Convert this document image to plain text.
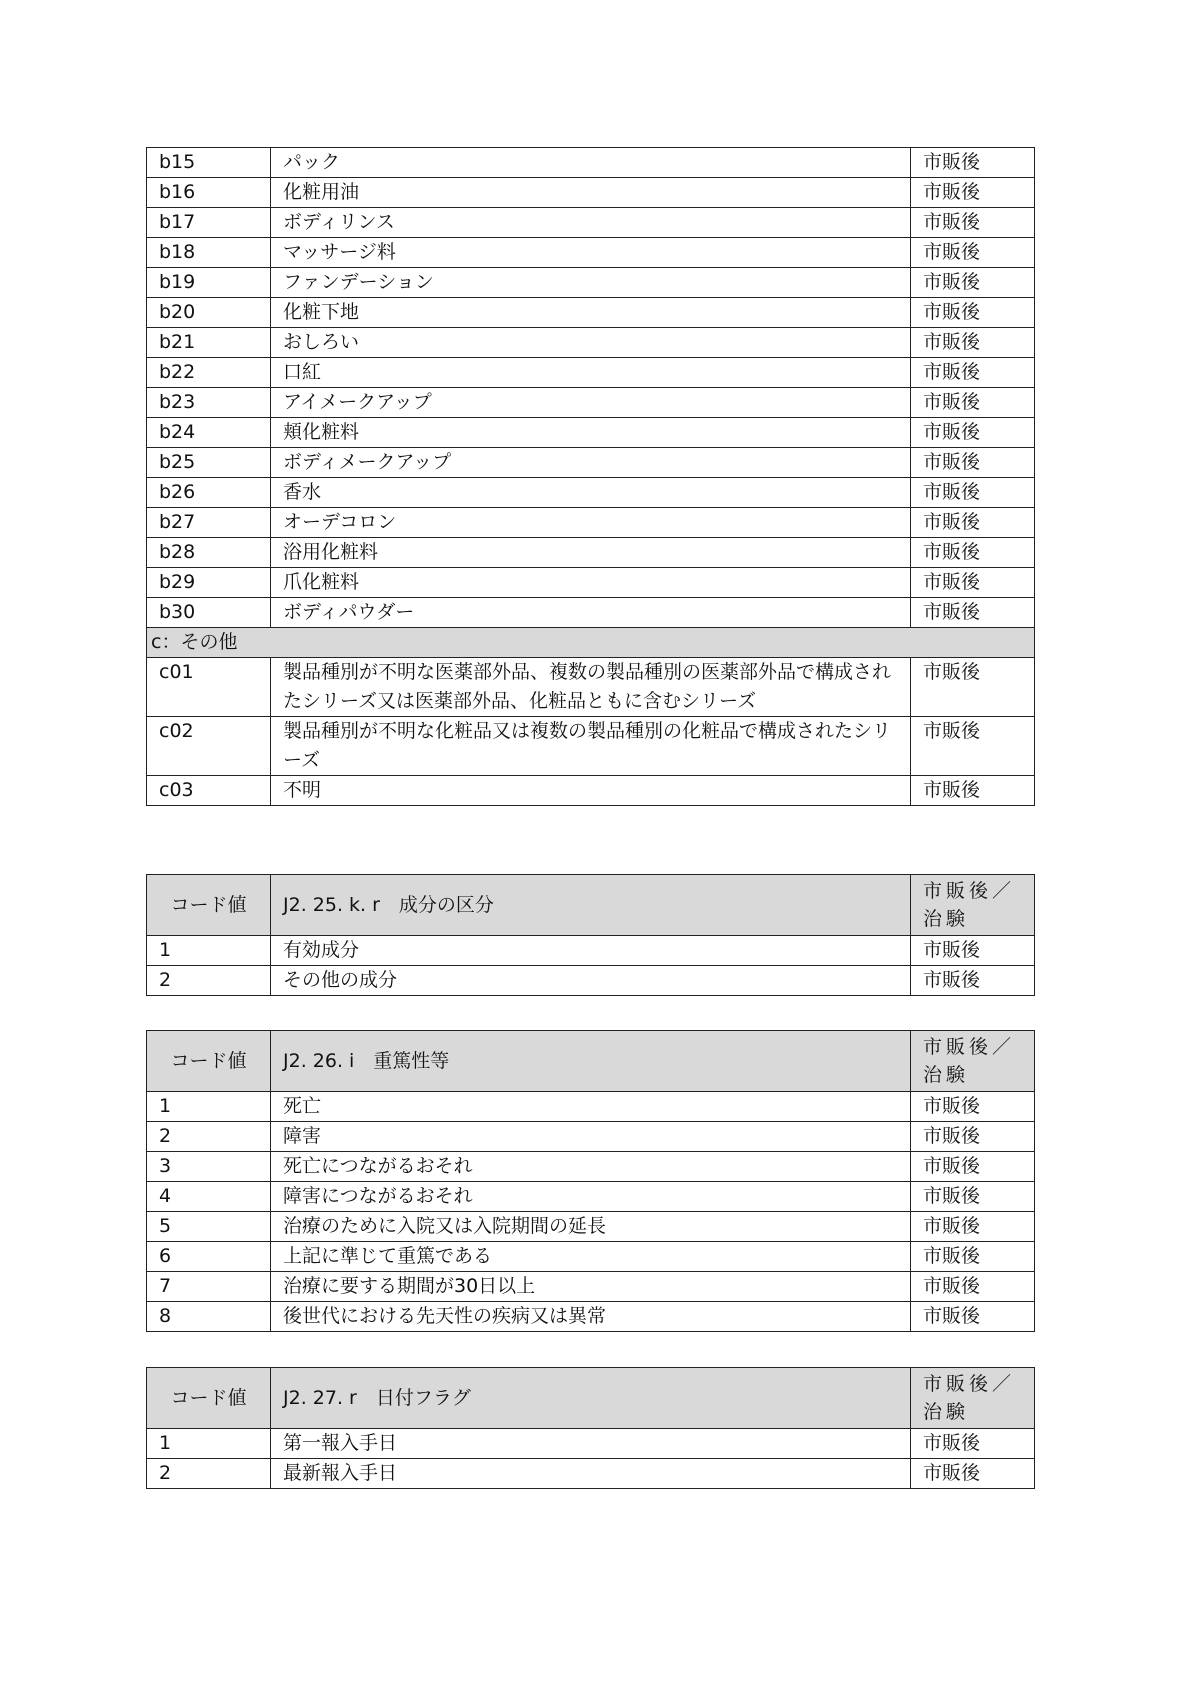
b15	パック	市販後
b16	化粧用油	市販後
b17	ボディリンス	市販後
b18	マッサージ料	市販後
b19	ファンデーション	市販後
b20	化粧下地	市販後
b21	おしろい	市販後
b22	口紅	市販後
b23	アイメークアップ	市販後
b24	頬化粧料	市販後
b25	ボディメークアップ	市販後
b26	香水	市販後
b27	オーデコロン	市販後
b28	浴用化粧料	市販後
b29	爪化粧料	市販後
b30	ボディパウダー	市販後
c：その他		
c01	製品種別が不明な医薬部外品、複数の製品種別の医薬部外品で構成されたシリーズ又は医薬部外品、化粧品ともに含むシリーズ	市販後
c02	製品種別が不明な化粧品又は複数の製品種別の化粧品で構成されたシリーズ	市販後
c03	不明	市販後
コード値	J2. 25. k. r　成分の区分	市販後／治験
1	有効成分	市販後
2	その他の成分	市販後
コード値	J2. 26. i　重篤性等	市販後／治験
1	死亡	市販後
2	障害	市販後
3	死亡につながるおそれ	市販後
4	障害につながるおそれ	市販後
5	治療のために入院又は入院期間の延長	市販後
6	上記に準じて重篤である	市販後
7	治療に要する期間が30日以上	市販後
8	後世代における先天性の疾病又は異常	市販後
コード値	J2. 27. r　日付フラグ	市販後／治験
1	第一報入手日	市販後
2	最新報入手日	市販後
